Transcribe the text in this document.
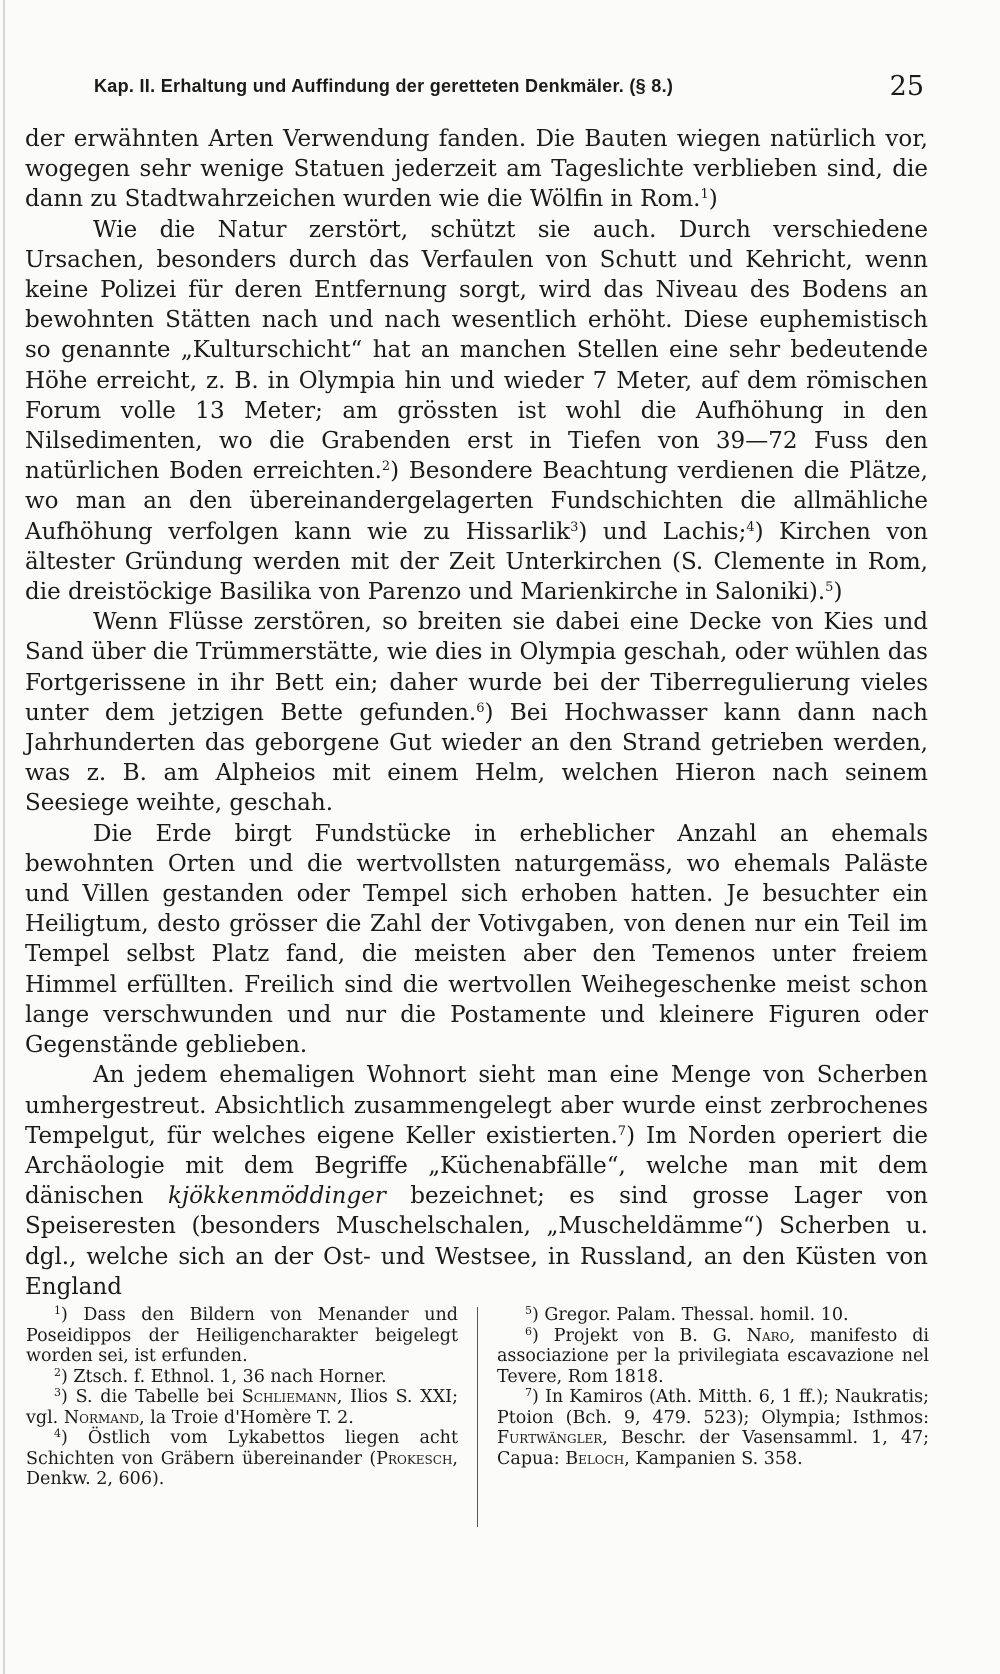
Kap. II. Erhaltung und Auffindung der geretteten Denkmäler. (§ 8.)	25

der erwähnten Arten Verwendung fanden. Die Bauten wiegen natürlich vor, wogegen sehr wenige Statuen jederzeit am Tageslichte verblieben sind, die dann zu Stadtwahrzeichen wurden wie die Wölfin in Rom.$^1$)

Wie die Natur zerstört, schützt sie auch. Durch verschiedene Ursachen, besonders durch das Verfaulen von Schutt und Kehricht, wenn keine Polizei für deren Entfernung sorgt, wird das Niveau des Bodens an bewohnten Stätten nach und nach wesentlich erhöht. Diese euphemistisch so genannte „Kulturschicht“ hat an manchen Stellen eine sehr bedeutende Höhe erreicht, z. B. in Olympia hin und wieder 7 Meter, auf dem römischen Forum volle 13 Meter; am grössten ist wohl die Aufhöhung in den Nilsedimenten, wo die Grabenden erst in Tiefen von 39—72 Fuss den natürlichen Boden erreichten.$^2$) Besondere Beachtung verdienen die Plätze, wo man an den übereinandergelagerten Fundschichten die allmähliche Aufhöhung verfolgen kann wie zu Hissarlik$^3$) und Lachis;$^4$) Kirchen von ältester Gründung werden mit der Zeit Unterkirchen (S. Clemente in Rom, die dreistöckige Basilika von Parenzo und Marienkirche in Saloniki).$^5$)

Wenn Flüsse zerstören, so breiten sie dabei eine Decke von Kies und Sand über die Trümmerstätte, wie dies in Olympia geschah, oder wühlen das Fortgerissene in ihr Bett ein; daher wurde bei der Tiberregulierung vieles unter dem jetzigen Bette gefunden.$^6$) Bei Hochwasser kann dann nach Jahrhunderten das geborgene Gut wieder an den Strand getrieben werden, was z. B. am Alpheios mit einem Helm, welchen Hieron nach seinem Seesiege weihte, geschah.

Die Erde birgt Fundstücke in erheblicher Anzahl an ehemals bewohnten Orten und die wertvollsten naturgemäss, wo ehemals Paläste und Villen gestanden oder Tempel sich erhoben hatten. Je besuchter ein Heiligtum, desto grösser die Zahl der Votivgaben, von denen nur ein Teil im Tempel selbst Platz fand, die meisten aber den Temenos unter freiem Himmel erfüllten. Freilich sind die wertvollen Weihegeschenke meist schon lange verschwunden und nur die Postamente und kleinere Figuren oder Gegenstände geblieben.

An jedem ehemaligen Wohnort sieht man eine Menge von Scherben umhergestreut. Absichtlich zusammengelegt aber wurde einst zerbrochenes Tempelgut, für welches eigene Keller existierten.$^7$) Im Norden operiert die Archäologie mit dem Begriffe „Küchenabfälle“, welche man mit dem dänischen kjökkenmöddinger bezeichnet; es sind grosse Lager von Speiseresten (besonders Muschelschalen, „Muscheldämme“) Scherben u. dgl., welche sich an der Ost- und Westsee, in Russland, an den Küsten von England

$^1$) Dass den Bildern von Menander und Poseidippos der Heiligencharakter beigelegt worden sei, ist erfunden.

$^2$) Ztsch. f. Ethnol. 1, 36 nach Horner.

$^3$) S. die Tabelle bei Schliemann, Ilios S. XXI; vgl. Normand, la Troie d'Homère T. 2.

$^4$) Östlich vom Lykabettos liegen acht Schichten von Gräbern übereinander (Prokesch, Denkw. 2, 606).

$^5$) Gregor. Palam. Thessal. homil. 10.

$^6$) Projekt von B. G. Naro, manifesto di associazione per la privilegiata escavazione nel Tevere, Rom 1818.

$^7$) In Kamiros (Ath. Mitth. 6, 1 ff.); Naukratis; Ptoion (Bch. 9, 479. 523); Olympia; Isthmos: Furtwängler, Beschr. der Vasensamml. 1, 47; Capua: Beloch, Kampanien S. 358.
